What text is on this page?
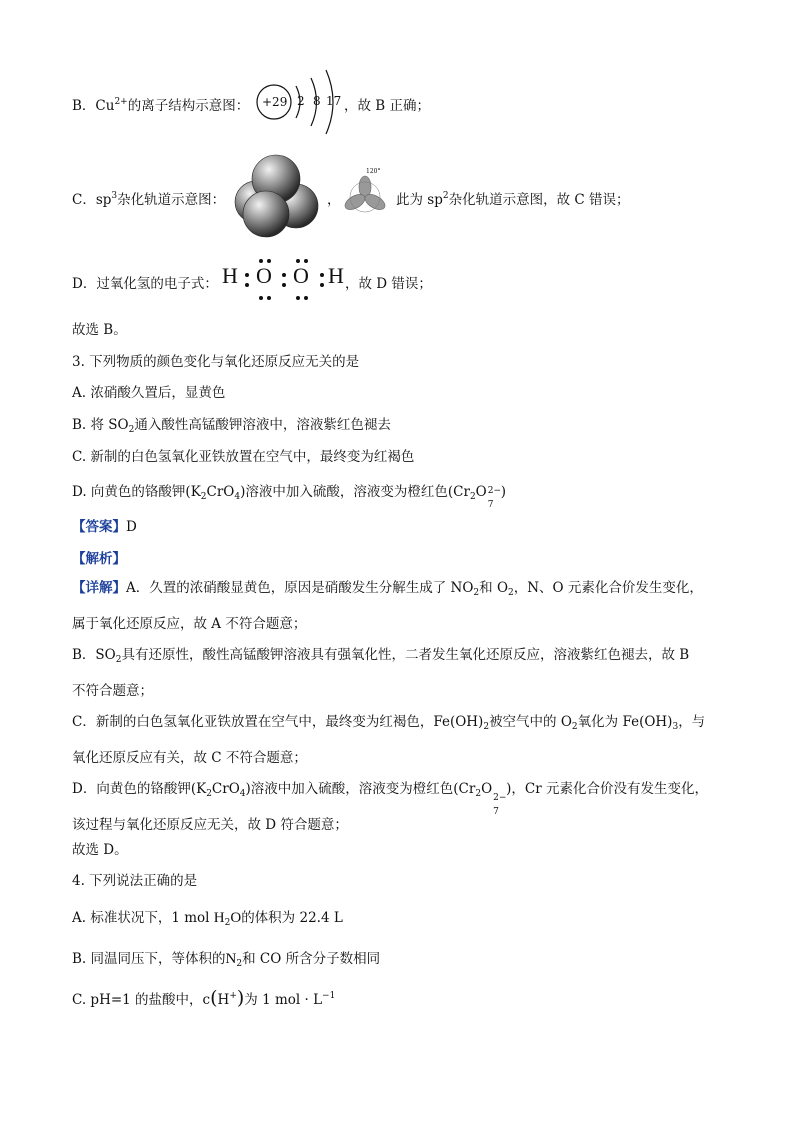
B．$Cu^{2+}$的离子结构示意图： +29 2 8 17 ，故 B 正确；
C．$sp^3$杂化轨道示意图：	，
120°
此为 $sp^2$杂化轨道示意图，故 C 错误；
D．过氧化氢的电子式： H O O H ，故 D 错误；
故选 B。
3. 下列物质的颜色变化与氧化还原反应无关的是
A. 浓硝酸久置后，显黄色
B. 将 $SO_2$通入酸性高锰酸钾溶液中，溶液紫红色褪去
C. 新制的白色氢氧化亚铁放置在空气中，最终变为红褐色
D. 向黄色的铬酸钾$(K_2CrO_4)$溶液中加入硫酸，溶液变为橙红色($Cr_2O$
7
2− )
【答案】D
【解析】
【详解】A．久置的浓硝酸显黄色，原因是硝酸发生分解生成了 $NO_2$和 $O_2$，N、O 元素化合价发生变化，
属于氧化还原反应，故 A 不符合题意；
B．$SO_2$具有还原性，酸性高锰酸钾溶液具有强氧化性，二者发生氧化还原反应，溶液紫红色褪去，故 B
不符合题意；
C．新制的白色氢氧化亚铁放置在空气中，最终变为红褐色，$Fe(OH)_2$被空气中的 $O_2$氧化为 $Fe(OH)_3$，与
氧化还原反应有关，故 C 不符合题意；
D．向黄色的铬酸钾$(K_2CrO_4)$溶液中加入硫酸，溶液变为橙红色($Cr_2O$
7
2−
)，Cr 元素化合价没有发生变化，
该过程与氧化还原反应无关，故 D 符合题意；
故选 D。
4. 下列说法正确的是
A. 标准状况下，1 mol $H_2O$的体积为 22.4 L
B. 同温同压下，等体积的$N_2$和 CO 所含分子数相同
C. pH=1 的盐酸中，c(H+)为 1 mol · $L^{-1}$
